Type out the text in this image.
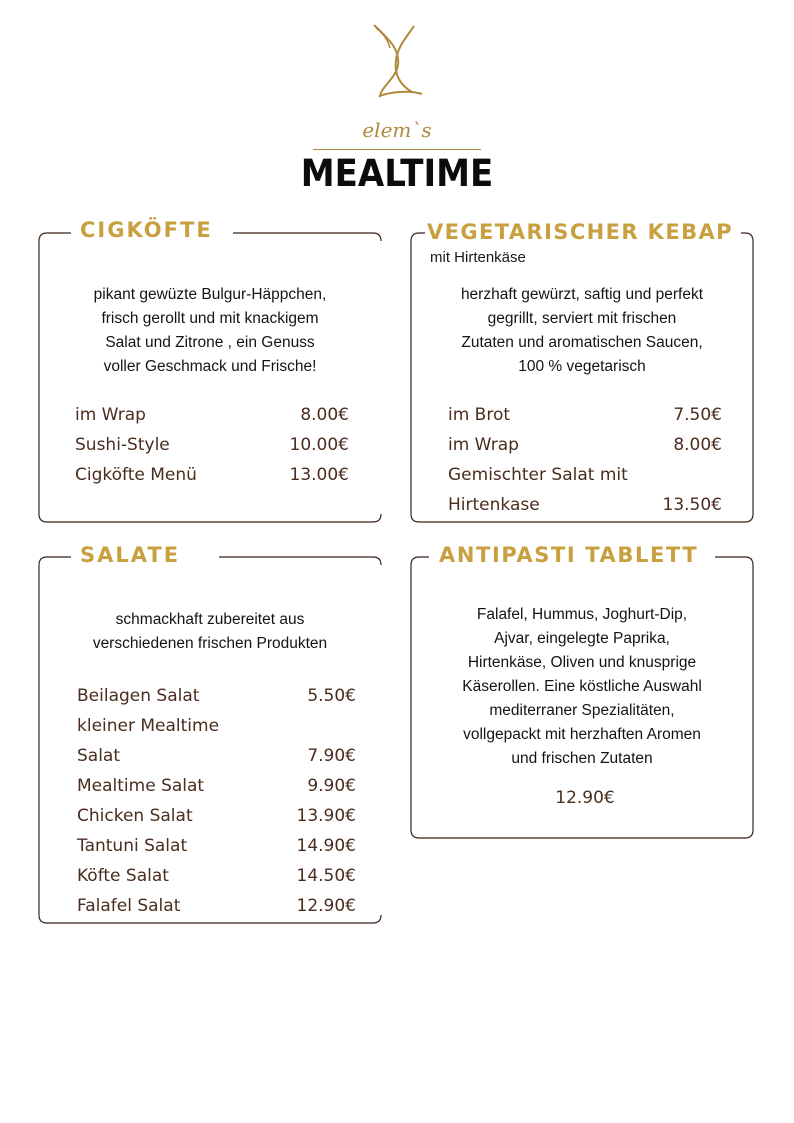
elem`s
MEALTIME
CIGKÖFTE
pikant gewüzte Bulgur-Häppchen,
frisch gerollt und mit knackigem
Salat und Zitrone , ein Genuss
voller Geschmack und Frische!
im Wrap	8.00€
Sushi-Style	10.00€
Cigköfte Menü	13.00€
VEGETARISCHER KEBAP
mit Hirtenkäse
herzhaft gewürzt, saftig und perfekt
gegrillt, serviert mit frischen
Zutaten und aromatischen Saucen,
100 % vegetarisch
im Brot	7.50€
im Wrap	8.00€
Gemischter Salat mit
Hirtenkase	13.50€
SALATE
schmackhaft zubereitet aus
verschiedenen frischen Produkten
Beilagen Salat	5.50€
kleiner Mealtime
Salat	7.90€
Mealtime Salat	9.90€
Chicken Salat	13.90€
Tantuni Salat	14.90€
Köfte Salat	14.50€
Falafel Salat	12.90€
ANTIPASTI TABLETT
Falafel, Hummus, Joghurt-Dip,
Ajvar, eingelegte Paprika,
Hirtenkäse, Oliven und knusprige
Käserollen. Eine köstliche Auswahl
mediterraner Spezialitäten,
vollgepackt mit herzhaften Aromen
und frischen Zutaten
12.90€
